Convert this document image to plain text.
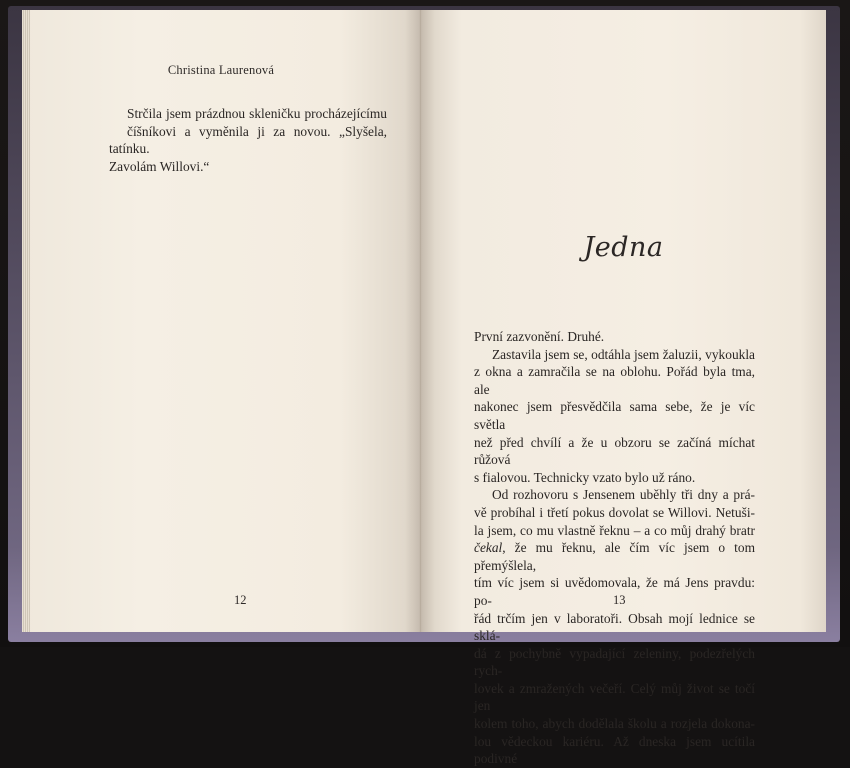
Christina Laurenová

Strčila jsem prázdnou skleničku procházejícímu
číšníkovi a vyměnila ji za novou. „Slyšela, tatínku.
Zavolám Willovi.“

12
Jedna

První zazvonění. Druhé.

Zastavila jsem se, odtáhla jsem žaluzii, vykoukla
z okna a zamračila se na oblohu. Pořád byla tma, ale
nakonec jsem přesvědčila sama sebe, že je víc světla
než před chvílí a že u obzoru se začíná míchat růžová
s fialovou. Technicky vzato bylo už ráno.

Od rozhovoru s Jensenem uběhly tři dny a prá-
vě probíhal i třetí pokus dovolat se Willovi. Netuši-
la jsem, co mu vlastně řeknu – a co můj drahý bratr
čekal, že mu řeknu, ale čím víc jsem o tom přemýšlela,
tím víc jsem si uvědomovala, že má Jens pravdu: po-
řád trčím jen v laboratoři. Obsah mojí lednice se sklá-
dá z pochybně vypadající zeleniny, podezřelých rych-
lovek a zmražených večeří. Celý můj život se točí jen
kolem toho, abych dodělala školu a rozjela dokona-
lou vědeckou kariéru. Až dneska jsem ucítila podivné

13
